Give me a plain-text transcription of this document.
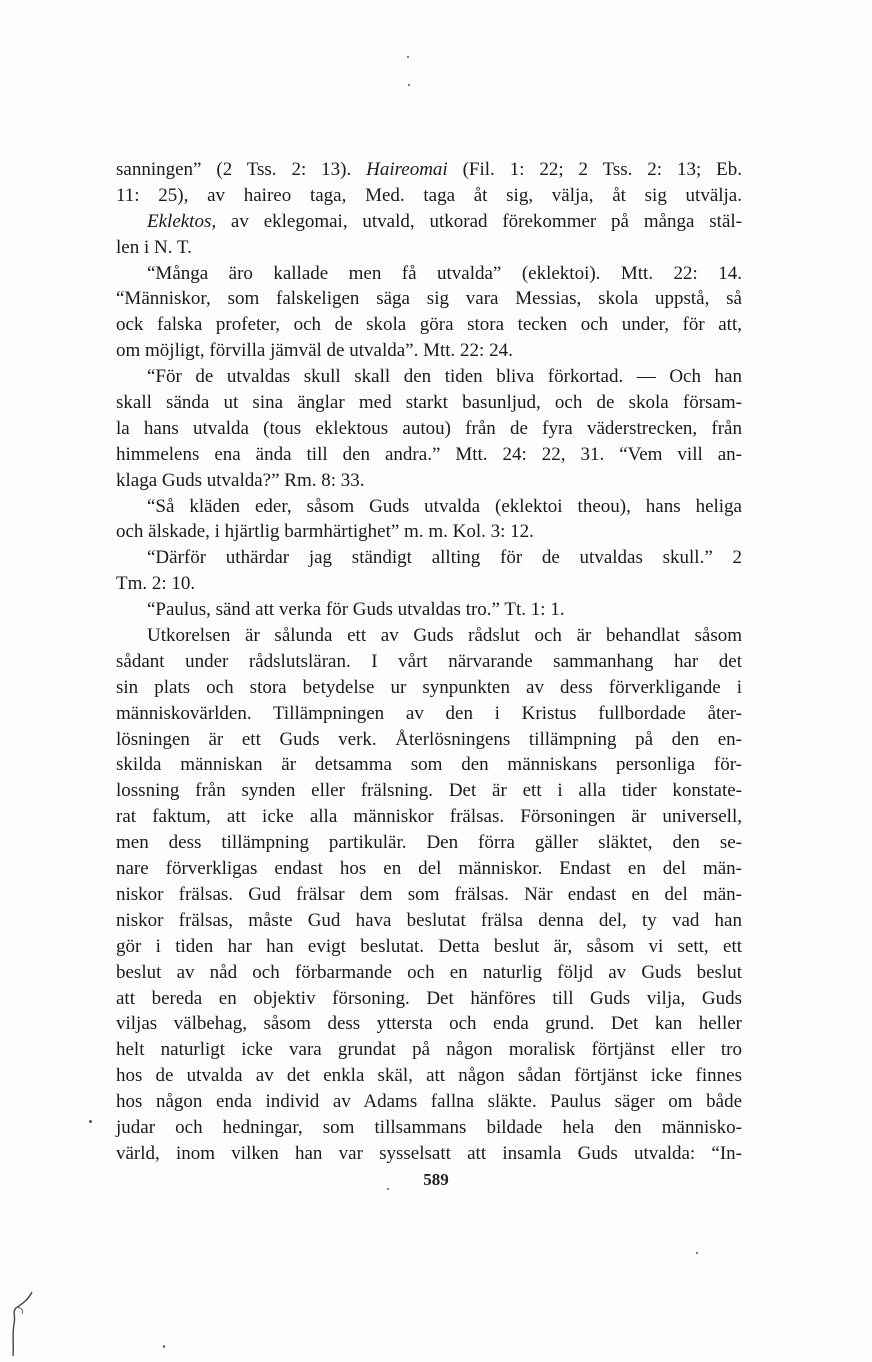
sanningen” (2 Tss. 2: 13). Haireomai (Fil. 1: 22; 2 Tss. 2: 13; Eb.
11: 25), av haireo taga, Med. taga åt sig, välja, åt sig utvälja.
Eklektos, av eklegomai, utvald, utkorad förekommer på många stäl-
len i N. T.
“Många äro kallade men få utvalda” (eklektoi). Mtt. 22: 14.
“Människor, som falskeligen säga sig vara Messias, skola uppstå, så
ock falska profeter, och de skola göra stora tecken och under, för att,
om möjligt, förvilla jämväl de utvalda”. Mtt. 22: 24.
“För de utvaldas skull skall den tiden bliva förkortad. — Och han
skall sända ut sina änglar med starkt basunljud, och de skola försam-
la hans utvalda (tous eklektous autou) från de fyra väderstrecken, från
himmelens ena ända till den andra.” Mtt. 24: 22, 31. “Vem vill an-
klaga Guds utvalda?” Rm. 8: 33.
“Så kläden eder, såsom Guds utvalda (eklektoi theou), hans heliga
och älskade, i hjärtlig barmhärtighet” m. m. Kol. 3: 12.
“Därför uthärdar jag ständigt allting för de utvaldas skull.” 2
Tm. 2: 10.
“Paulus, sänd att verka för Guds utvaldas tro.” Tt. 1: 1.
Utkorelsen är sålunda ett av Guds rådslut och är behandlat såsom
sådant under rådslutsläran. I vårt närvarande sammanhang har det
sin plats och stora betydelse ur synpunkten av dess förverkligande i
människovärlden. Tillämpningen av den i Kristus fullbordade åter-
lösningen är ett Guds verk. Återlösningens tillämpning på den en-
skilda människan är detsamma som den människans personliga för-
lossning från synden eller frälsning. Det är ett i alla tider konstate-
rat faktum, att icke alla människor frälsas. Försoningen är universell,
men dess tillämpning partikulär. Den förra gäller släktet, den se-
nare förverkligas endast hos en del människor. Endast en del män-
niskor frälsas. Gud frälsar dem som frälsas. När endast en del män-
niskor frälsas, måste Gud hava beslutat frälsa denna del, ty vad han
gör i tiden har han evigt beslutat. Detta beslut är, såsom vi sett, ett
beslut av nåd och förbarmande och en naturlig följd av Guds beslut
att bereda en objektiv försoning. Det hänföres till Guds vilja, Guds
viljas välbehag, såsom dess yttersta och enda grund. Det kan heller
helt naturligt icke vara grundat på någon moralisk förtjänst eller tro
hos de utvalda av det enkla skäl, att någon sådan förtjänst icke finnes
hos någon enda individ av Adams fallna släkte. Paulus säger om både
judar och hedningar, som tillsammans bildade hela den människo-
värld, inom vilken han var sysselsatt att insamla Guds utvalda: “In-
589
